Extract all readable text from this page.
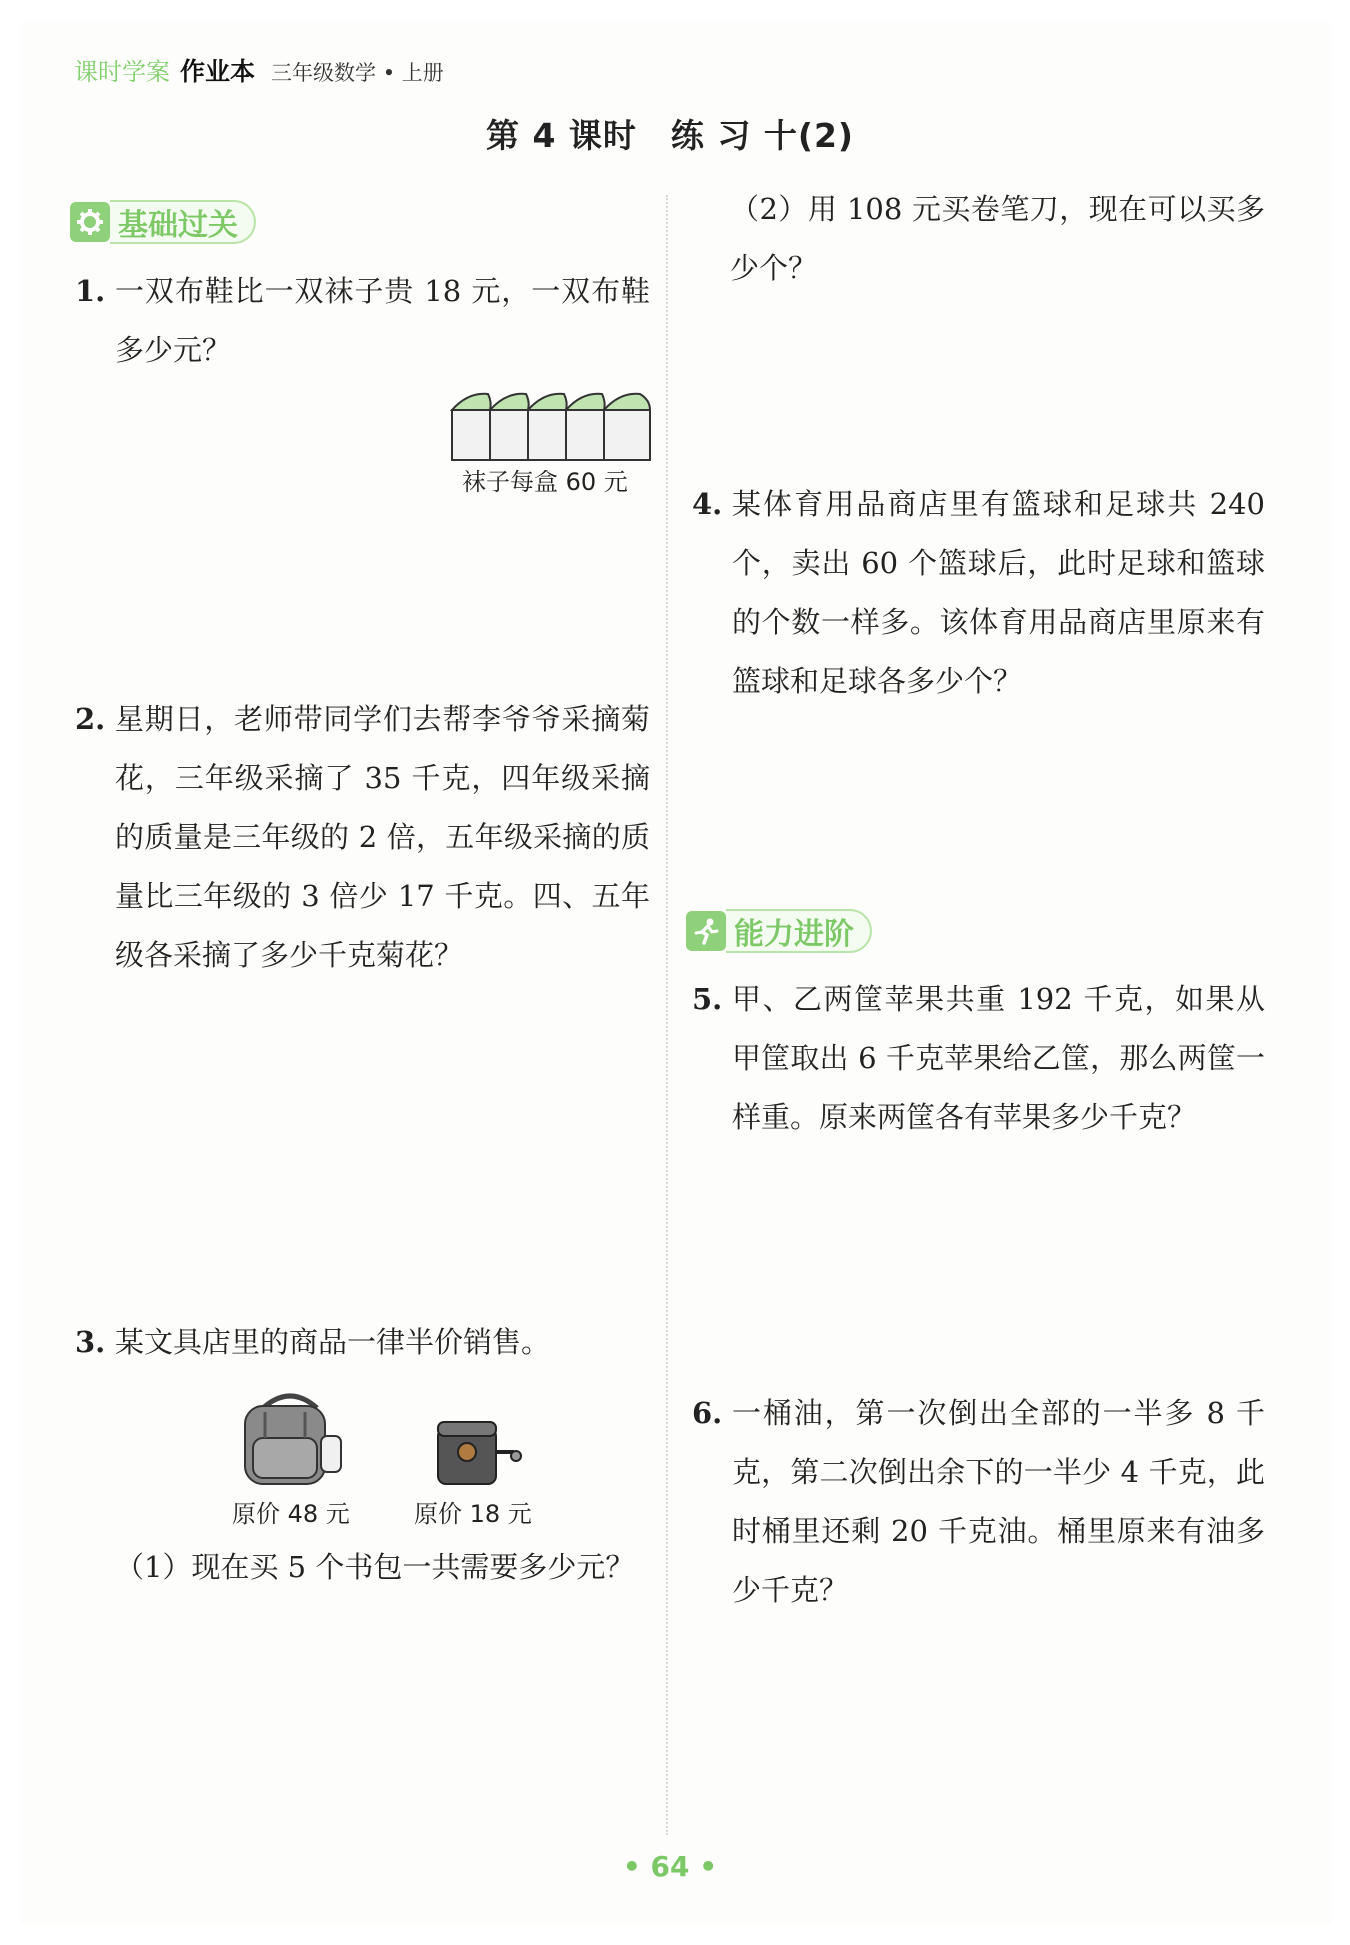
课时学案 作业本 三年级数学 • 上册
第 4 课时　练 习 十(2)
基础过关
1. 一双布鞋比一双袜子贵 18 元，一双布鞋多少元？
袜子每盒 60 元
2. 星期日，老师带同学们去帮李爷爷采摘菊花，三年级采摘了 35 千克，四年级采摘的质量是三年级的 2 倍，五年级采摘的质量比三年级的 3 倍少 17 千克。四、五年级各采摘了多少千克菊花？
3. 某文具店里的商品一律半价销售。
原价 48 元	原价 18 元
（1）现在买 5 个书包一共需要多少元？
（2）用 108 元买卷笔刀，现在可以买多少个？
4. 某体育用品商店里有篮球和足球共 240 个，卖出 60 个篮球后，此时足球和篮球的个数一样多。该体育用品商店里原来有篮球和足球各多少个？
能力进阶
5. 甲、乙两筐苹果共重 192 千克，如果从甲筐取出 6 千克苹果给乙筐，那么两筐一样重。原来两筐各有苹果多少千克？
6. 一桶油，第一次倒出全部的一半多 8 千克，第二次倒出余下的一半少 4 千克，此时桶里还剩 20 千克油。桶里原来有油多少千克？
• 64 •
